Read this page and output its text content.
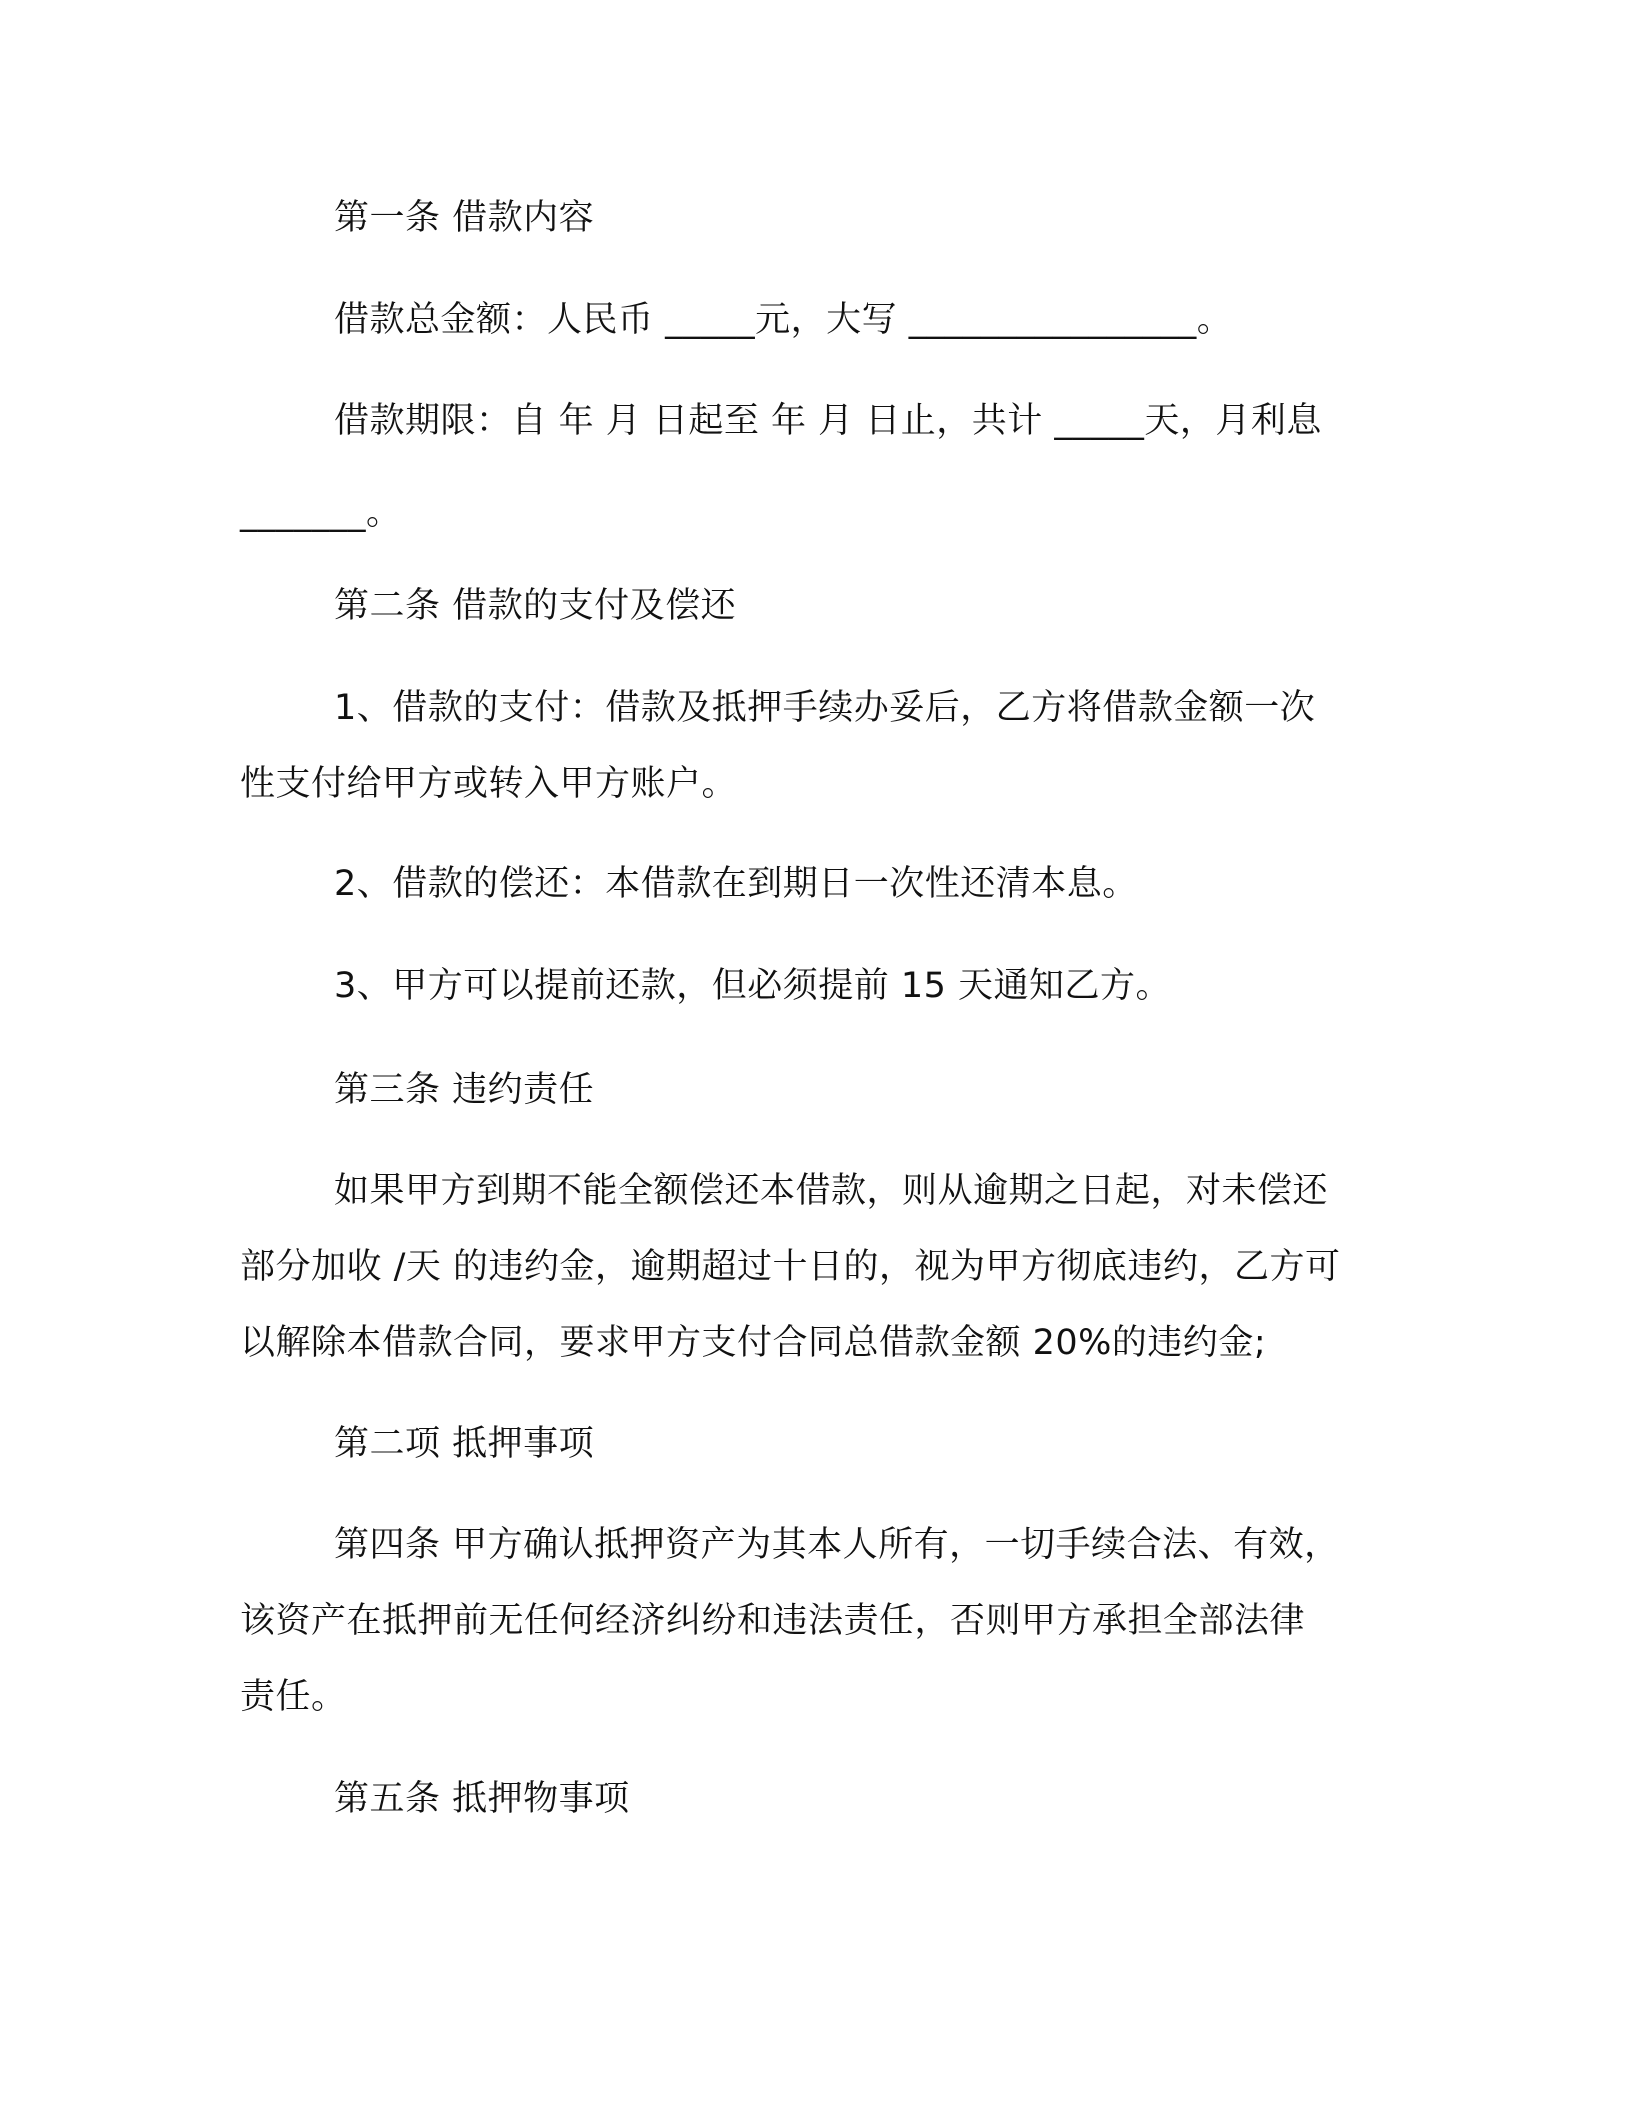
第一条 借款内容

借款总金额：人民币 _____元，大写 ________________。

借款期限：自 年 月 日起至 年 月 日止，共计 _____天，月利息

_______。

第二条 借款的支付及偿还

1、借款的支付：借款及抵押手续办妥后，乙方将借款金额一次

性支付给甲方或转入甲方账户。

2、借款的偿还：本借款在到期日一次性还清本息。

3、甲方可以提前还款，但必须提前 15 天通知乙方。

第三条 违约责任

如果甲方到期不能全额偿还本借款，则从逾期之日起，对未偿还

部分加收 /天 的违约金，逾期超过十日的，视为甲方彻底违约，乙方可

以解除本借款合同，要求甲方支付合同总借款金额 20%的违约金;

第二项 抵押事项

第四条 甲方确认抵押资产为其本人所有，一切手续合法、有效，

该资产在抵押前无任何经济纠纷和违法责任，否则甲方承担全部法律

责任。

第五条 抵押物事项
